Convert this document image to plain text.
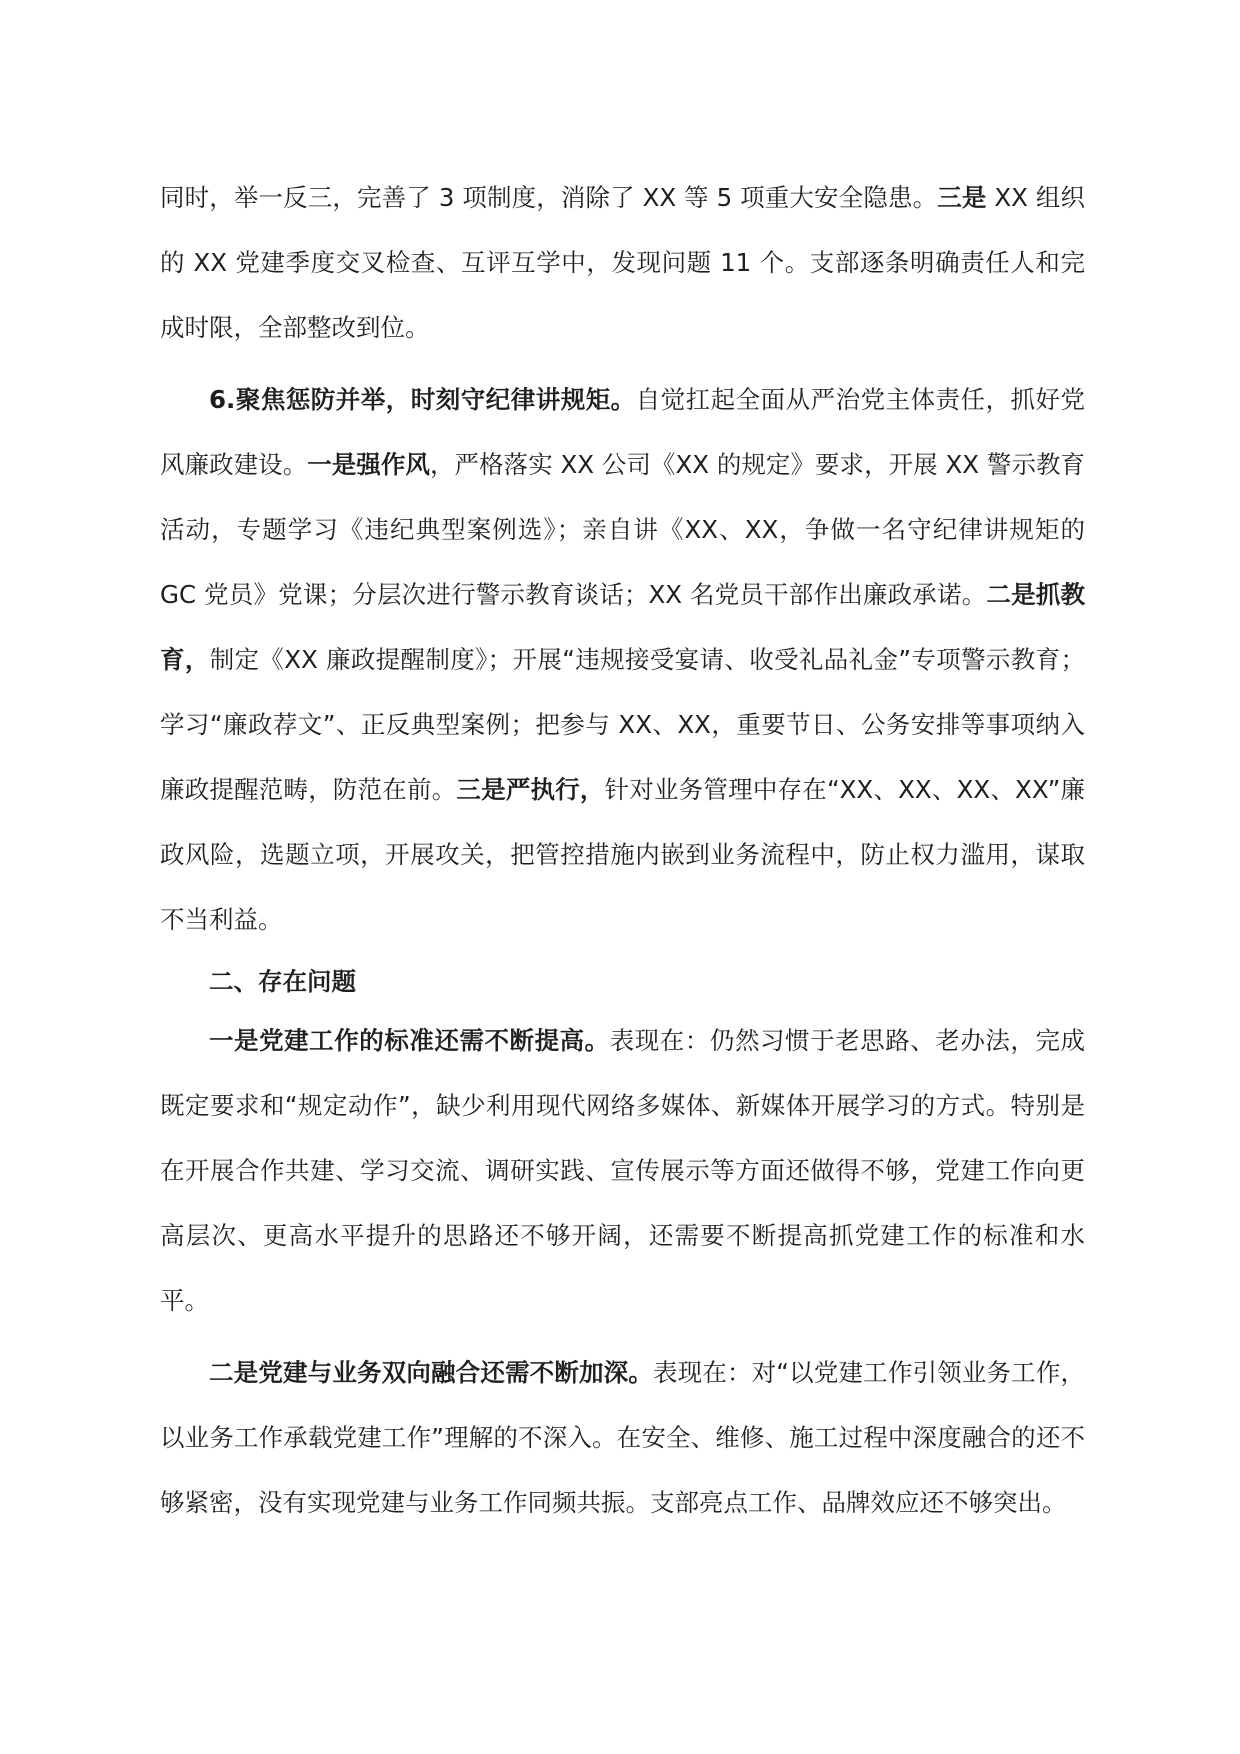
同时，举一反三，完善了 3 项制度，消除了 XX 等 5 项重大安全隐患。三是 XX 组织的 XX 党建季度交叉检查、互评互学中，发现问题 11 个。支部逐条明确责任人和完成时限，全部整改到位。

6.聚焦惩防并举，时刻守纪律讲规矩。自觉扛起全面从严治党主体责任，抓好党风廉政建设。一是强作风，严格落实 XX 公司《XX 的规定》要求，开展 XX 警示教育活动，专题学习《违纪典型案例选》；亲自讲《XX、XX，争做一名守纪律讲规矩的 GC 党员》党课；分层次进行警示教育谈话；XX 名党员干部作出廉政承诺。二是抓教育，制定《XX 廉政提醒制度》；开展“违规接受宴请、收受礼品礼金”专项警示教育；学习“廉政荐文”、正反典型案例；把参与 XX、XX，重要节日、公务安排等事项纳入廉政提醒范畴，防范在前。三是严执行，针对业务管理中存在“XX、XX、XX、XX”廉政风险，选题立项，开展攻关，把管控措施内嵌到业务流程中，防止权力滥用，谋取不当利益。

二、存在问题

一是党建工作的标准还需不断提高。表现在：仍然习惯于老思路、老办法，完成既定要求和“规定动作”，缺少利用现代网络多媒体、新媒体开展学习的方式。特别是在开展合作共建、学习交流、调研实践、宣传展示等方面还做得不够，党建工作向更高层次、更高水平提升的思路还不够开阔，还需要不断提高抓党建工作的标准和水平。

二是党建与业务双向融合还需不断加深。表现在：对“以党建工作引领业务工作，以业务工作承载党建工作”理解的不深入。在安全、维修、施工过程中深度融合的还不够紧密，没有实现党建与业务工作同频共振。支部亮点工作、品牌效应还不够突出。
